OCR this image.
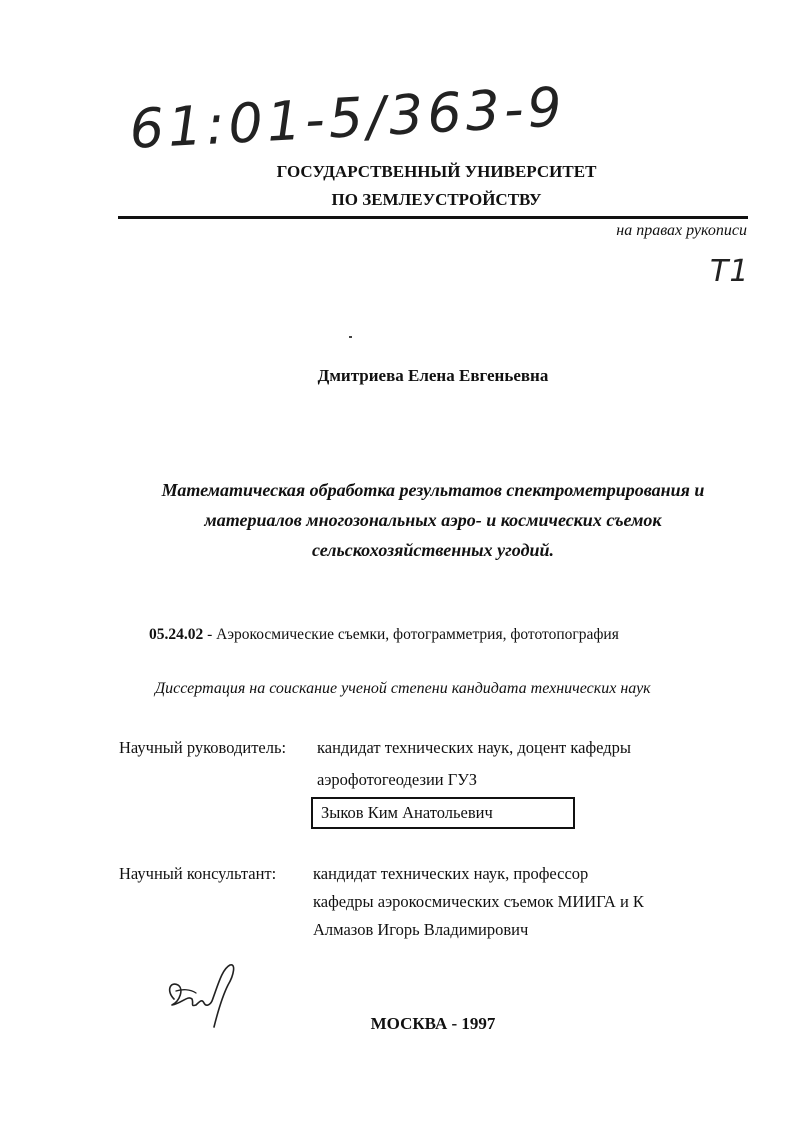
61:01-5/363-9
ГОСУДАРСТВЕННЫЙ УНИВЕРСИТЕТ
ПО ЗЕМЛЕУСТРОЙСТВУ
на правах рукописи
T1
Дмитриева Елена Евгеньевна
Математическая обработка результатов спектрометрирования и
материалов многозональных аэро- и космических съемок
сельскохозяйственных угодий.
05.24.02 - Аэрокосмические съемки, фотограмметрия, фототопография
Диссертация на соискание ученой степени кандидата технических наук
Научный руководитель: кандидат технических наук, доцент кафедры
аэрофотогеодезии ГУЗ
Зыков Ким Анатольевич
Научный консультант: кандидат технических наук, профессор
кафедры аэрокосмических съемок МИИГА и К
Алмазов Игорь Владимирович
МОСКВА - 1997
